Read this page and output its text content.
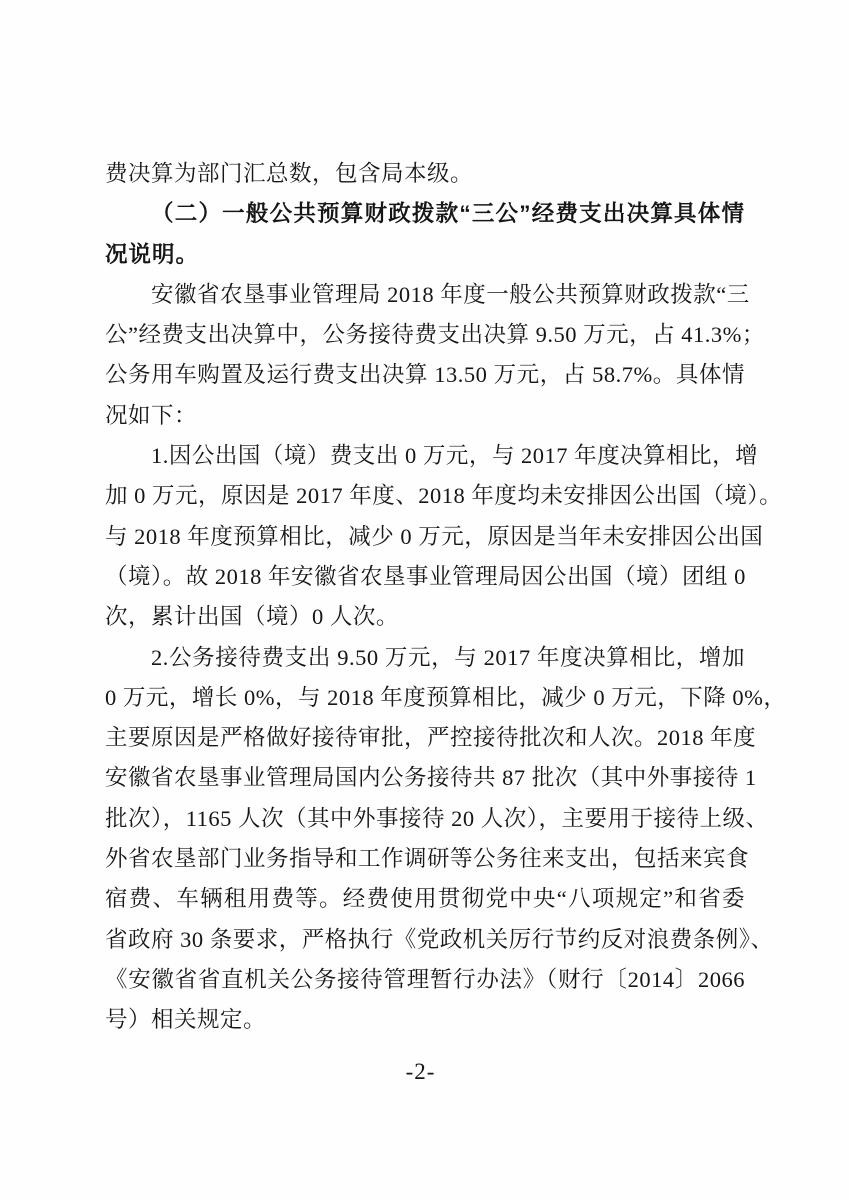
费决算为部门汇总数，包含局本级。
（二）一般公共预算财政拨款“三公”经费支出决算具体情
况说明。
安徽省农垦事业管理局 2018 年度一般公共预算财政拨款“三
公”经费支出决算中，公务接待费支出决算 9.50 万元，占 41.3%；
公务用车购置及运行费支出决算 13.50 万元，占 58.7%。具体情
况如下：
1.因公出国（境）费支出 0 万元，与 2017 年度决算相比，增
加 0 万元，原因是 2017 年度、2018 年度均未安排因公出国（境）。
与 2018 年度预算相比，减少 0 万元，原因是当年未安排因公出国
（境）。故 2018 年安徽省农垦事业管理局因公出国（境）团组 0
次，累计出国（境）0 人次。
2.公务接待费支出 9.50 万元，与 2017 年度决算相比，增加
0 万元，增长 0%，与 2018 年度预算相比，减少 0 万元，下降 0%，
主要原因是严格做好接待审批，严控接待批次和人次。2018 年度
安徽省农垦事业管理局国内公务接待共 87 批次（其中外事接待 1
批次），1165 人次（其中外事接待 20 人次），主要用于接待上级、
外省农垦部门业务指导和工作调研等公务往来支出，包括来宾食
宿费、车辆租用费等。经费使用贯彻党中央“八项规定”和省委
省政府 30 条要求，严格执行《党政机关厉行节约反对浪费条例》、
《安徽省省直机关公务接待管理暂行办法》（财行〔2014〕2066
号）相关规定。
-2-
